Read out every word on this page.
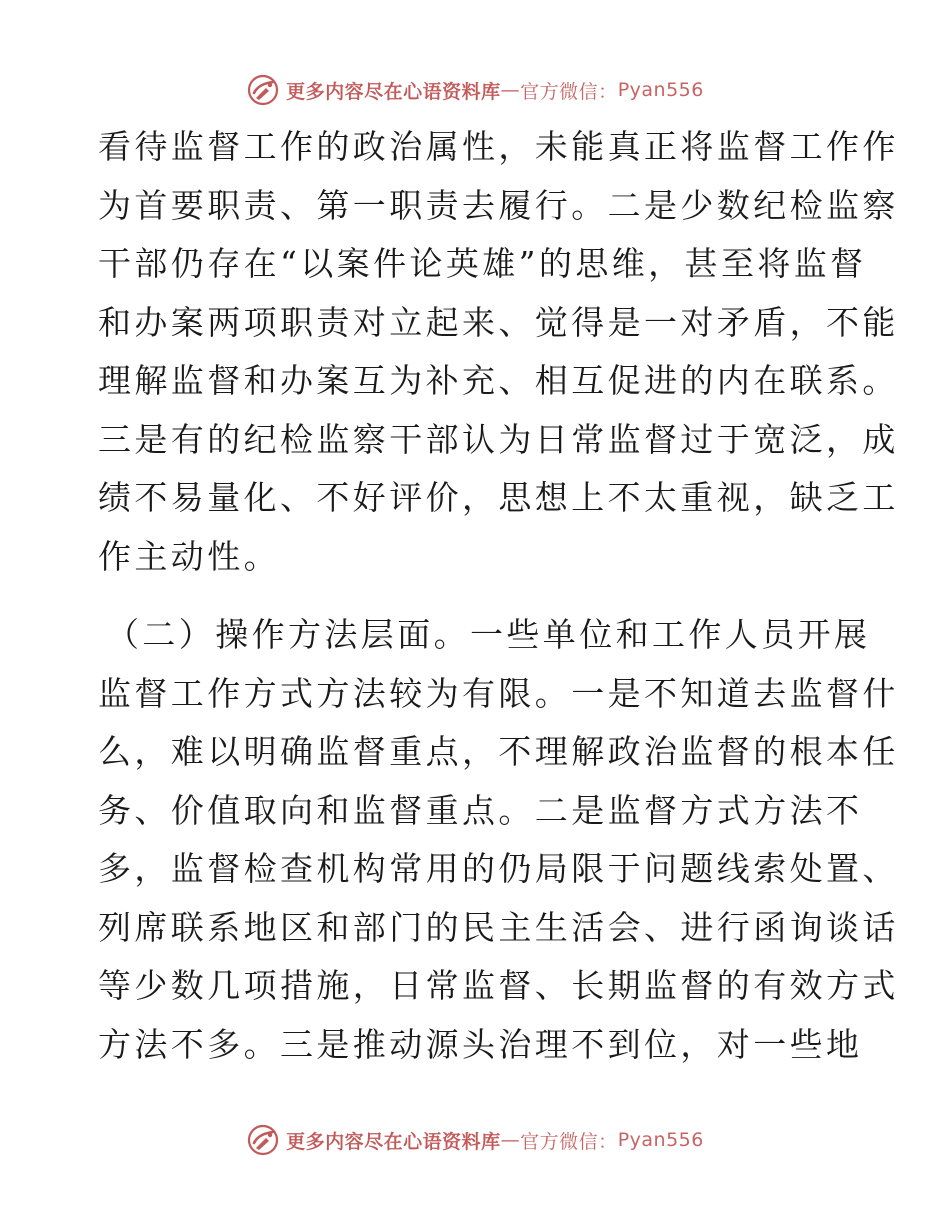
更多内容尽在心语资料库 — 官方微信： Pyan556
看待监督工作的政治属性，未能真正将监督工作作
为首要职责、第一职责去履行。二是少数纪检监察
干部仍存在“以案件论英雄”的思维，甚至将监督
和办案两项职责对立起来、觉得是一对矛盾，不能
理解监督和办案互为补充、相互促进的内在联系。
三是有的纪检监察干部认为日常监督过于宽泛，成
绩不易量化、不好评价，思想上不太重视，缺乏工
作主动性。
（二）操作方法层面。一些单位和工作人员开展
监督工作方式方法较为有限。一是不知道去监督什
么，难以明确监督重点，不理解政治监督的根本任
务、价值取向和监督重点。二是监督方式方法不
多，监督检查机构常用的仍局限于问题线索处置、
列席联系地区和部门的民主生活会、进行函询谈话
等少数几项措施，日常监督、长期监督的有效方式
方法不多。三是推动源头治理不到位，对一些地
更多内容尽在心语资料库 — 官方微信： Pyan556
